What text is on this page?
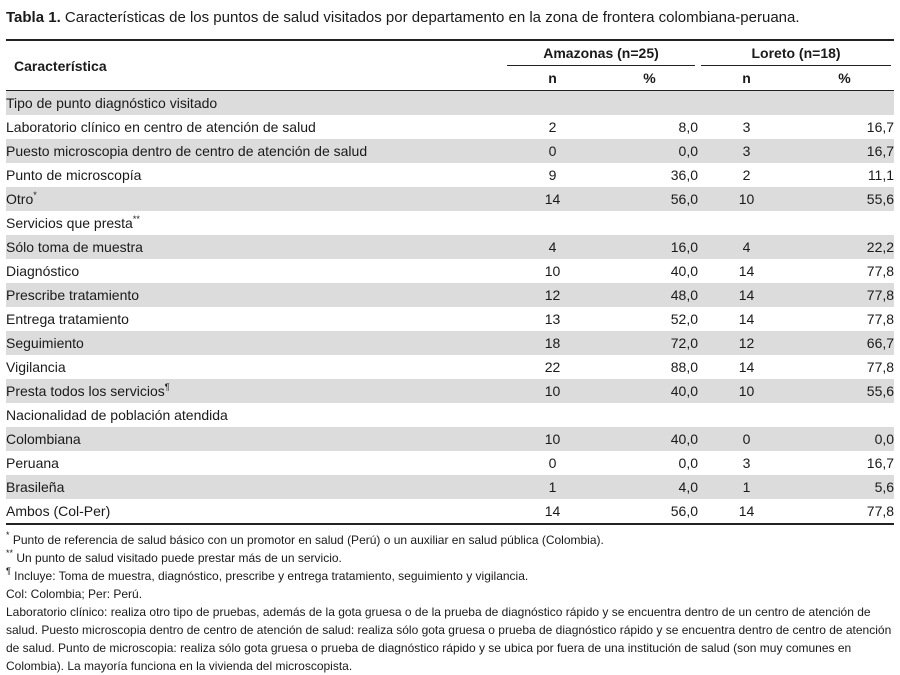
Tabla 1. Características de los puntos de salud visitados por departamento en la zona de frontera colombiana-peruana.
Característica	Amazonas (n=25)		Loreto (n=18)	

	n	%	n	%
Tipo de punto diagnóstico visitado				
Laboratorio clínico en centro de atención de salud	2	8,0	3	16,7
Puesto microscopia dentro de centro de atención de salud	0	0,0	3	16,7
Punto de microscopía	9	36,0	2	11,1
Otro*	14	56,0	10	55,6
Servicios que presta**
Sólo toma de muestra	4	16,0	4	22,2
Diagnóstico	10	40,0	14	77,8
Prescribe tratamiento	12	48,0	14	77,8
Entrega tratamiento	13	52,0	14	77,8
Seguimiento	18	72,0	12	66,7
Vigilancia	22	88,0	14	77,8
Presta todos los servicios¶	10	40,0	10	55,6
Nacionalidad de población atendida				
Colombiana	10	40,0	0	0,0
Peruana	0	0,0	3	16,7
Brasileña	1	4,0	1	5,6
Ambos (Col-Per)	14	56,0	14	77,8

* Punto de referencia de salud básico con un promotor en salud (Perú) o un auxiliar en salud pública (Colombia).

** Un punto de salud visitado puede prestar más de un servicio.

¶ Incluye: Toma de muestra, diagnóstico, prescribe y entrega tratamiento, seguimiento y vigilancia.

Col: Colombia; Per: Perú.

Laboratorio clínico: realiza otro tipo de pruebas, además de la gota gruesa o de la prueba de diagnóstico rápido y se encuentra dentro de un centro de atención de salud. Puesto microscopia dentro de centro de atención de salud: realiza sólo gota gruesa o prueba de diagnóstico rápido y se encuentra dentro de centro de atención de salud. Punto de microscopia: realiza sólo gota gruesa o prueba de diagnóstico rápido y se ubica por fuera de una institución de salud (son muy comunes en Colombia). La mayoría funciona en la vivienda del microscopista.
